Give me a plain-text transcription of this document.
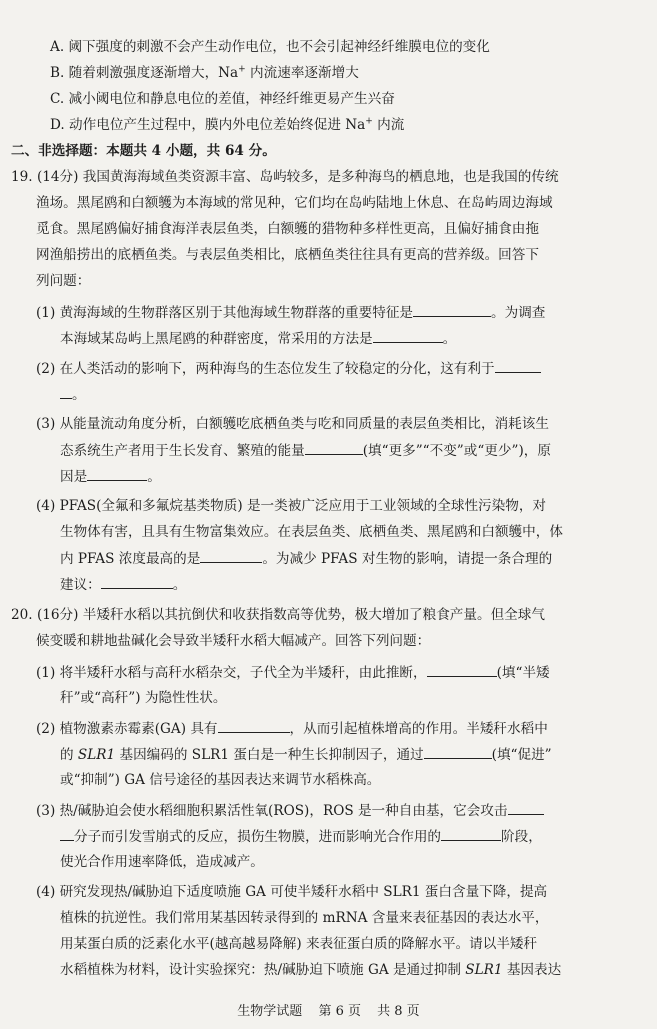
A. 阈下强度的刺激不会产生动作电位，也不会引起神经纤维膜电位的变化
B. 随着刺激强度逐渐增大，Na+ 内流速率逐渐增大
C. 减小阈电位和静息电位的差值，神经纤维更易产生兴奋
D. 动作电位产生过程中，膜内外电位差始终促进 Na+ 内流
二、非选择题：本题共 4 小题，共 64 分。
19. (14分) 我国黄海海域鱼类资源丰富、岛屿较多，是多种海鸟的栖息地，也是我国的传统
渔场。黑尾鸥和白额鹱为本海域的常见种，它们均在岛屿陆地上休息、在岛屿周边海域
觅食。黑尾鸥偏好捕食海洋表层鱼类，白额鹱的猎物种多样性更高，且偏好捕食由拖
网渔船捞出的底栖鱼类。与表层鱼类相比，底栖鱼类往往具有更高的营养级。回答下
列问题：
(1) 黄海海域的生物群落区别于其他海域生物群落的重要特征是	。为调查
本海域某岛屿上黑尾鸥的种群密度，常采用的方法是	。
(2) 在人类活动的影响下，两种海鸟的生态位发生了较稳定的分化，这有利于
。
(3) 从能量流动角度分析，白额鹱吃底栖鱼类与吃和同质量的表层鱼类相比，消耗该生
态系统生产者用于生长发育、繁殖的能量	(填“更多”“不变”或“更少”)，原
因是	。
(4) PFAS(全氟和多氟烷基类物质) 是一类被广泛应用于工业领域的全球性污染物，对
生物体有害，且具有生物富集效应。在表层鱼类、底栖鱼类、黑尾鸥和白额鹱中，体
内 PFAS 浓度最高的是	。为减少 PFAS 对生物的影响，请提一条合理的
建议：	。
20. (16分) 半矮秆水稻以其抗倒伏和收获指数高等优势，极大增加了粮食产量。但全球气
候变暖和耕地盐碱化会导致半矮秆水稻大幅减产。回答下列问题：
(1) 将半矮秆水稻与高秆水稻杂交，子代全为半矮秆，由此推断，	(填“半矮
秆”或“高秆”) 为隐性性状。
(2) 植物激素赤霉素(GA) 具有	，从而引起植株增高的作用。半矮秆水稻中
的 SLR1 基因编码的 SLR1 蛋白是一种生长抑制因子，通过	(填“促进”
或“抑制”) GA 信号途径的基因表达来调节水稻株高。
(3) 热/碱胁迫会使水稻细胞积累活性氧(ROS)，ROS 是一种自由基，它会攻击
分子而引发雪崩式的反应，损伤生物膜，进而影响光合作用的	阶段，
使光合作用速率降低，造成减产。
(4) 研究发现热/碱胁迫下适度喷施 GA 可使半矮秆水稻中 SLR1 蛋白含量下降，提高
植株的抗逆性。我们常用某基因转录得到的 mRNA 含量来表征基因的表达水平，
用某蛋白质的泛素化水平(越高越易降解) 来表征蛋白质的降解水平。请以半矮秆
水稻植株为材料，设计实验探究：热/碱胁迫下喷施 GA 是通过抑制 SLR1 基因表达
生物学试题 第 6 页 共 8 页
